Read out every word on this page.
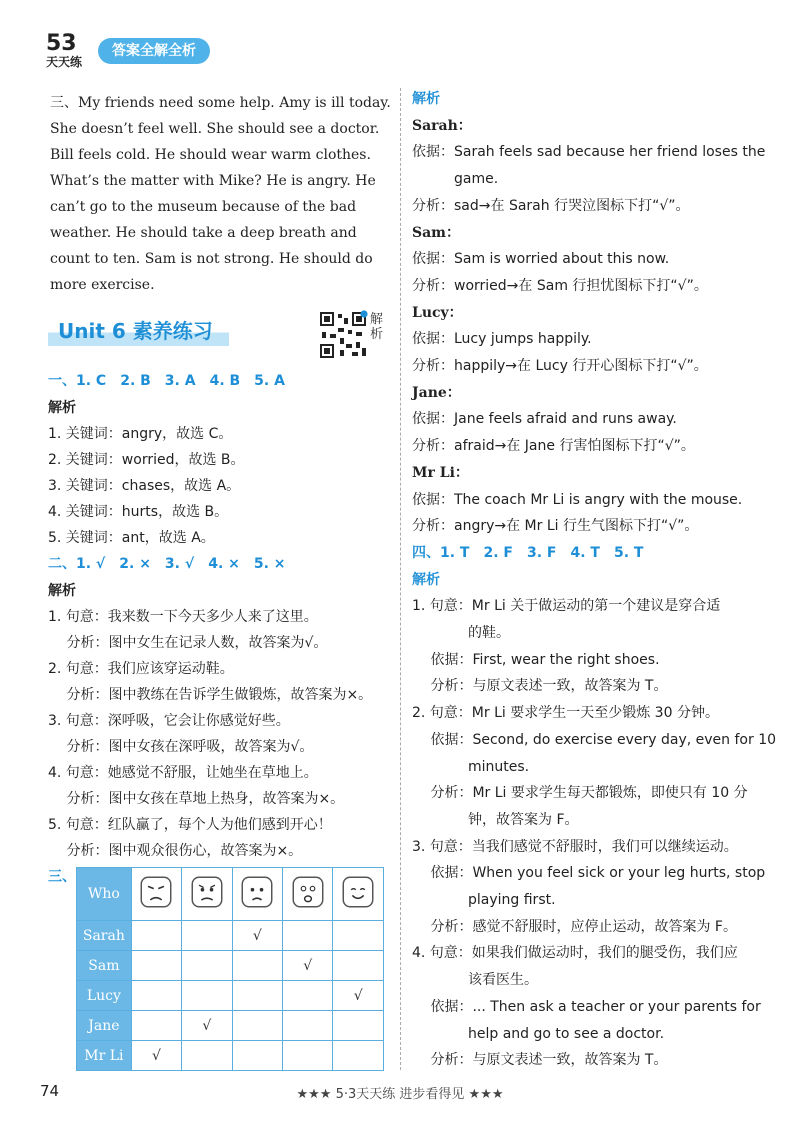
53
天天练
答案全解全析
三、My friends need some help. Amy is ill today.
She doesn’t feel well. She should see a doctor.
Bill feels cold. He should wear warm clothes.
What’s the matter with Mike? He is angry. He
can’t go to the museum because of the bad
weather. He should take a deep breath and
count to ten. Sam is not strong. He should do
more exercise.
Unit 6 素养练习	解析
一、1. C　2. B　3. A　4. B　5. A
解析
1. 关键词：angry，故选 C。
2. 关键词：worried，故选 B。
3. 关键词：chases，故选 A。
4. 关键词：hurts，故选 B。
5. 关键词：ant，故选 A。
二、1. √　2. ×　3. √　4. ×　5. ×
解析
1. 句意：我来数一下今天多少人来了这里。
　 分析：图中女生在记录人数，故答案为√。
2. 句意：我们应该穿运动鞋。
　 分析：图中教练在告诉学生做锻炼，故答案为×。
3. 句意：深呼吸，它会让你感觉好些。
　 分析：图中女孩在深呼吸，故答案为√。
4. 句意：她感觉不舒服，让她坐在草地上。
　 分析：图中女孩在草地上热身，故答案为×。
5. 句意：红队赢了，每个人为他们感到开心！
　 分析：图中观众很伤心，故答案为×。
三、
Who					
Sarah			√		
Sam				√	
Lucy					√
Jane		√			
Mr Li	√				
解析
Sarah：
依据：Sarah feels sad because her friend loses the
　　　game.
分析：sad→在 Sarah 行哭泣图标下打“√”。
Sam：
依据：Sam is worried about this now.
分析：worried→在 Sam 行担忧图标下打“√”。
Lucy：
依据：Lucy jumps happily.
分析：happily→在 Lucy 行开心图标下打“√”。
Jane：
依据：Jane feels afraid and runs away.
分析：afraid→在 Jane 行害怕图标下打“√”。
Mr Li：
依据：The coach Mr Li is angry with the mouse.
分析：angry→在 Mr Li 行生气图标下打“√”。
四、1. T　2. F　3. F　4. T　5. T
解析
1. 句意：Mr Li 关于做运动的第一个建议是穿合适
　　　　的鞋。
　 依据：First, wear the right shoes.
　 分析：与原文表述一致，故答案为 T。
2. 句意：Mr Li 要求学生一天至少锻炼 30 分钟。
　 依据：Second, do exercise every day, even for 10
　　　　minutes.
　 分析：Mr Li 要求学生每天都锻炼，即使只有 10 分
　　　　钟，故答案为 F。
3. 句意：当我们感觉不舒服时，我们可以继续运动。
　 依据：When you feel sick or your leg hurts, stop
　　　　playing first.
　 分析：感觉不舒服时，应停止运动，故答案为 F。
4. 句意：如果我们做运动时，我们的腿受伤，我们应
　　　　该看医生。
　 依据：... Then ask a teacher or your parents for
　　　　help and go to see a doctor.
　 分析：与原文表述一致，故答案为 T。
74	★★★ 5·3天天练 进步看得见 ★★★
